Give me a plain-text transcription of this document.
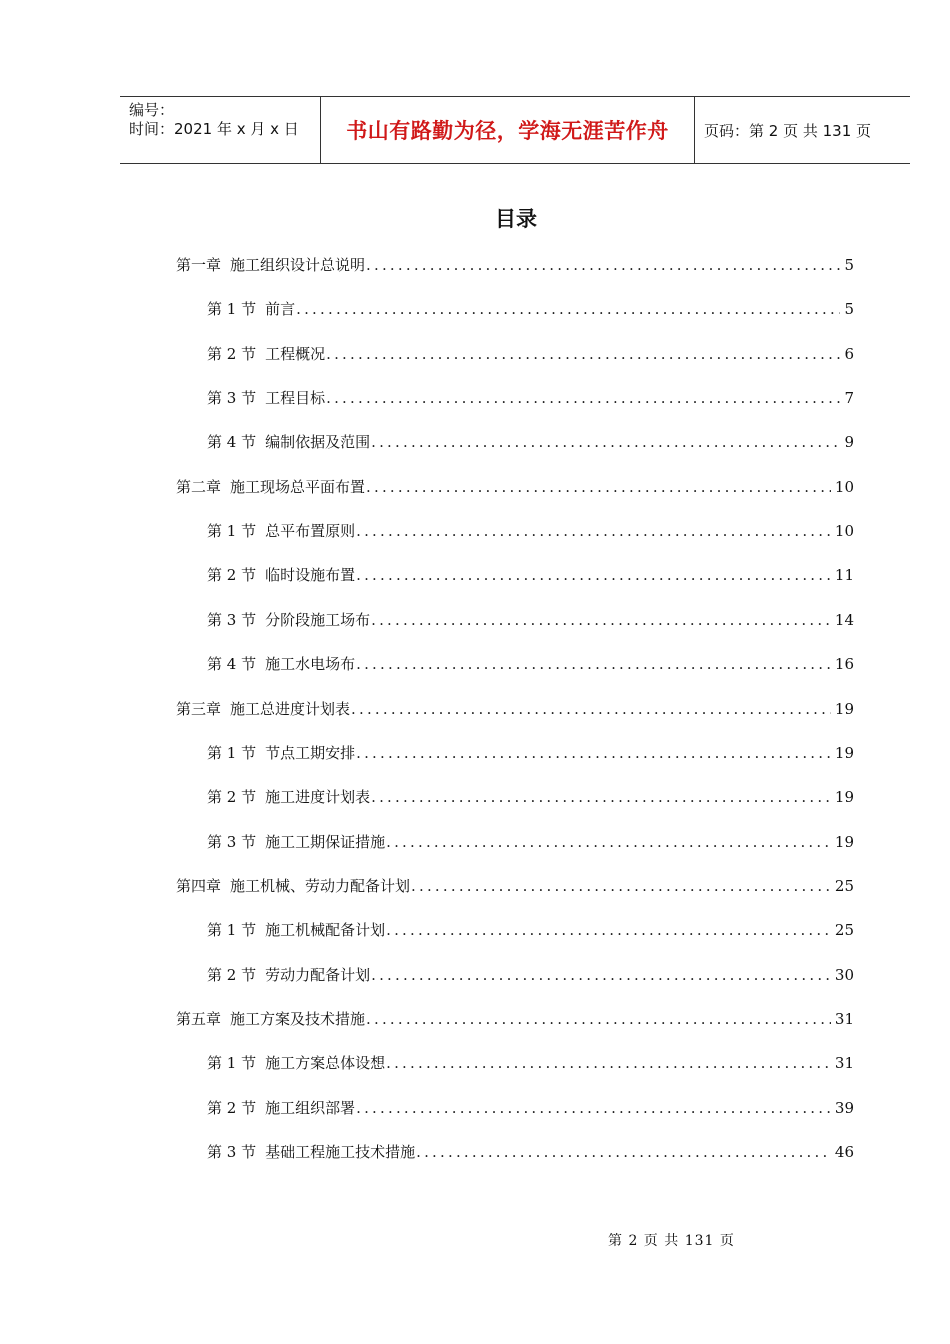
编号：
时间：2021 年 x 月 x 日	书山有路勤为径，学海无涯苦作舟	页码：第 2 页 共 131 页
目录
第一章 施工组织设计总说明 .....	5
第 1 节 前言 .....	5
第 2 节 工程概况 .....	6
第 3 节 工程目标 .....	7
第 4 节 编制依据及范围 .....	9
第二章 施工现场总平面布置 .....	10
第 1 节 总平布置原则 .....	10
第 2 节 临时设施布置 .....	11
第 3 节 分阶段施工场布 .....	14
第 4 节 施工水电场布 .....	16
第三章 施工总进度计划表 .....	19
第 1 节 节点工期安排 .....	19
第 2 节 施工进度计划表 .....	19
第 3 节 施工工期保证措施 .....	19
第四章 施工机械、劳动力配备计划 .....	25
第 1 节 施工机械配备计划 .....	25
第 2 节 劳动力配备计划 .....	30
第五章 施工方案及技术措施 .....	31
第 1 节 施工方案总体设想 .....	31
第 2 节 施工组织部署 .....	39
第 3 节 基础工程施工技术措施 .....	46
第 2 页 共 131 页
